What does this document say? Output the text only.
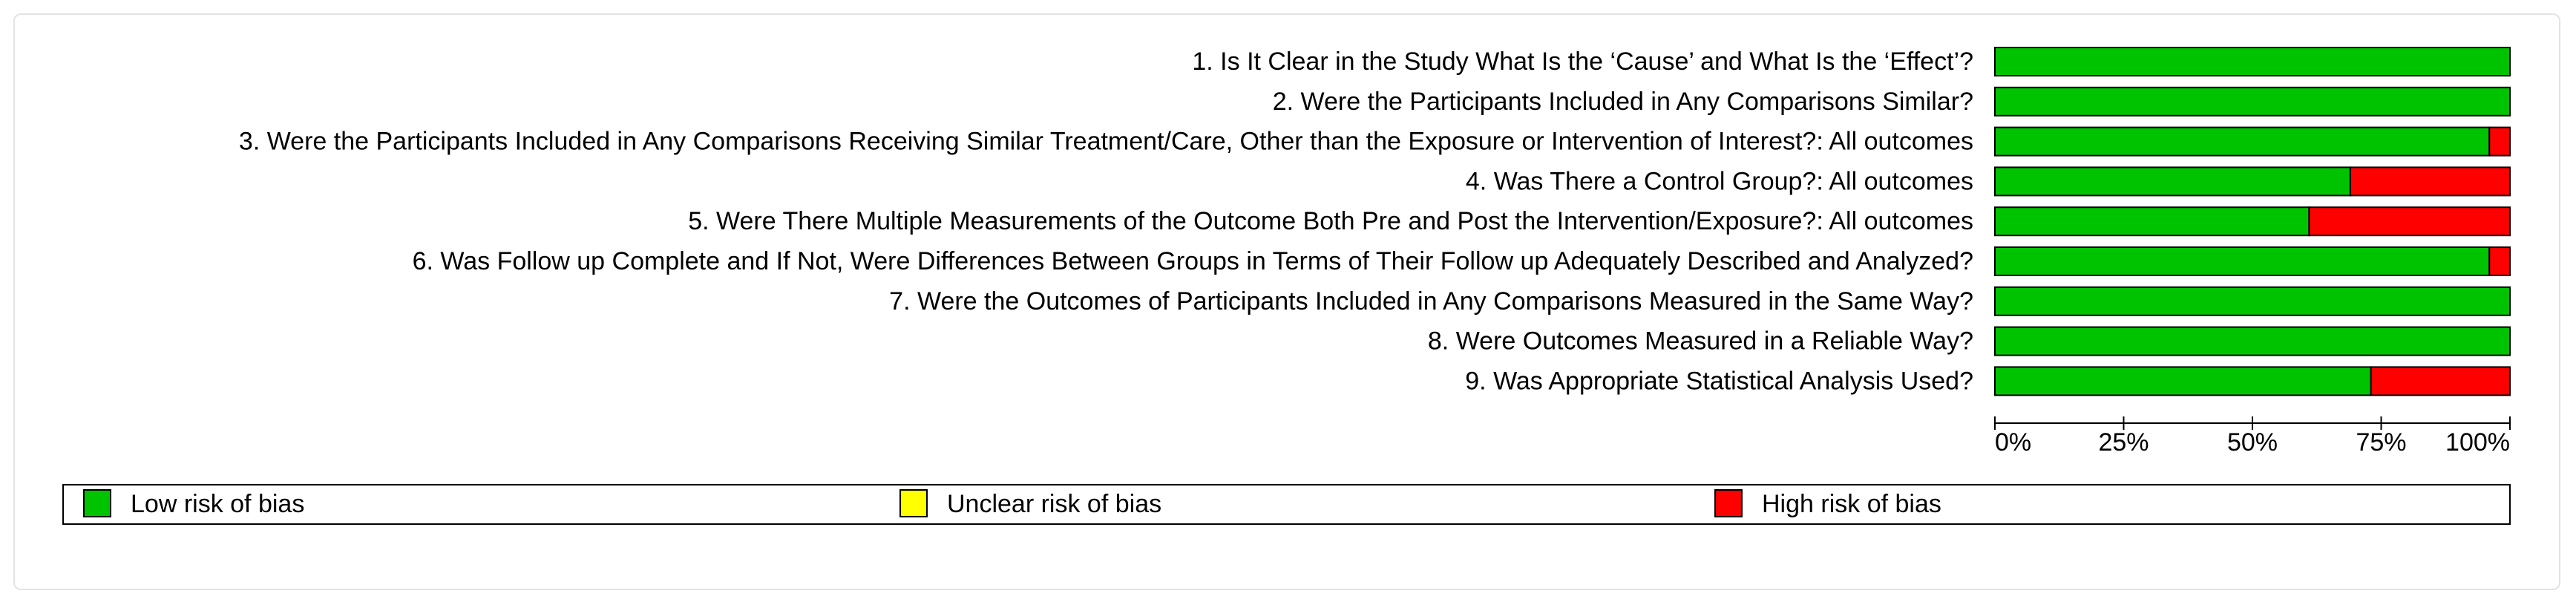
1. Is It Clear in the Study What Is the ‘Cause’ and What Is the ‘Effect’?
2. Were the Participants Included in Any Comparisons Similar?
3. Were the Participants Included in Any Comparisons Receiving Similar Treatment/Care, Other than the Exposure or Intervention of Interest?: All outcomes
4. Was There a Control Group?: All outcomes
5. Were There Multiple Measurements of the Outcome Both Pre and Post the Intervention/Exposure?: All outcomes
6. Was Follow up Complete and If Not, Were Differences Between Groups in Terms of Their Follow up Adequately Described and Analyzed?
7. Were the Outcomes of Participants Included in Any Comparisons Measured in the Same Way?
8. Were Outcomes Measured in a Reliable Way?
9. Was Appropriate Statistical Analysis Used?
0%	25%	50%	75% 100%
Low risk of bias	Unclear risk of bias	High risk of bias
